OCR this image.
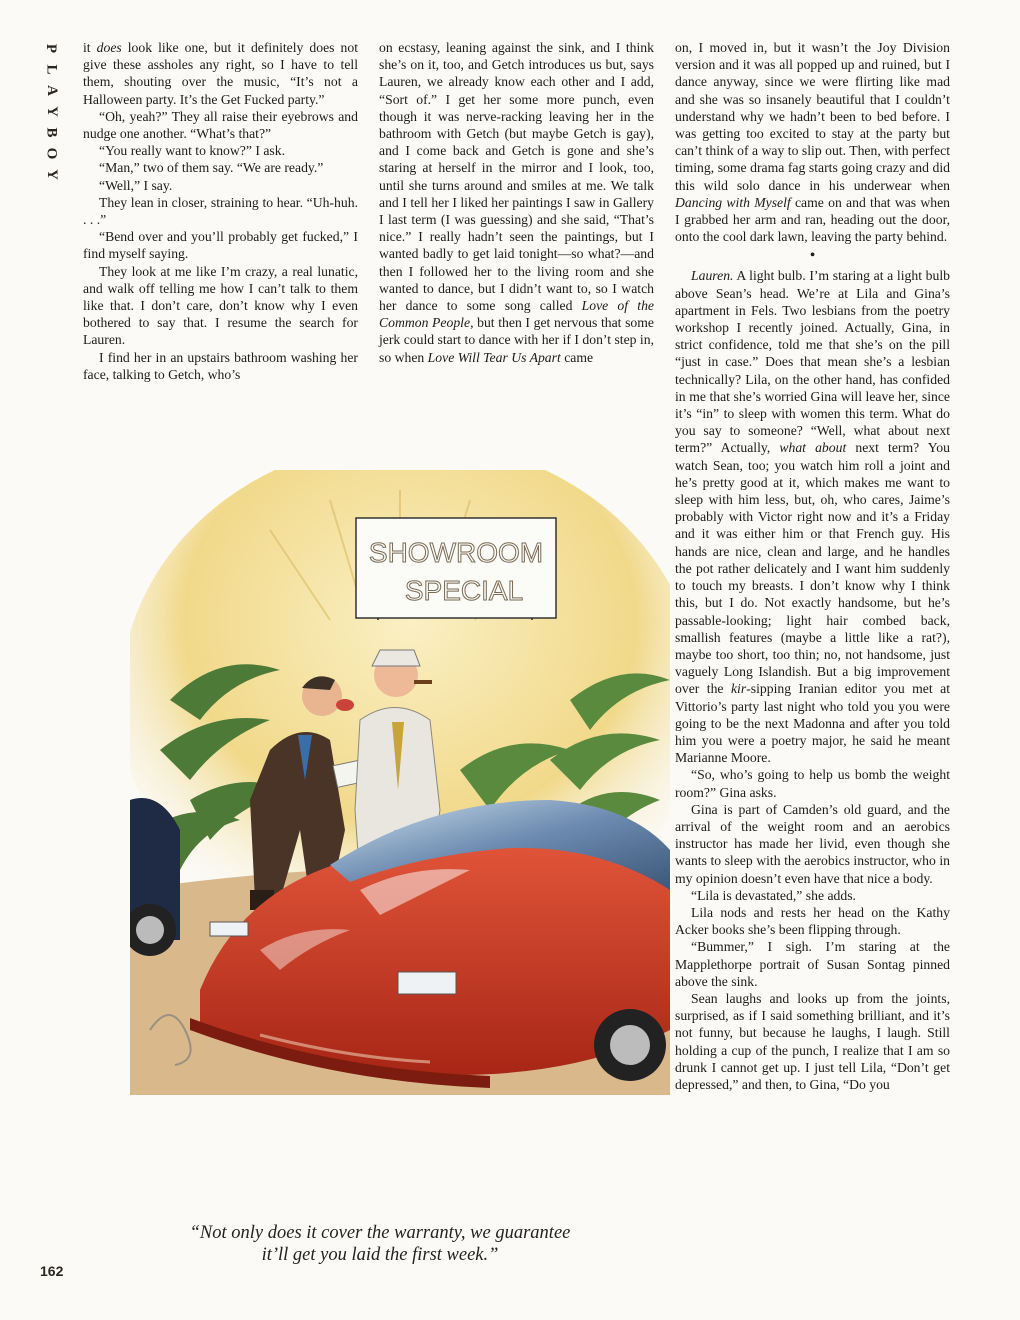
P
L
A
Y
B
O
Y

it does look like one, but it definitely does not give these assholes any right, so I have to tell them, shouting over the music, “It’s not a Halloween party. It’s the Get Fucked party.”

“Oh, yeah?” They all raise their eyebrows and nudge one another. “What’s that?”

“You really want to know?” I ask.

“Man,” two of them say. “We are ready.”

“Well,” I say.

They lean in closer, straining to hear. “Uh-huh. . . .”

“Bend over and you’ll probably get fucked,” I find myself saying.

They look at me like I’m crazy, a real lunatic, and walk off telling me how I can’t talk to them like that. I don’t care, don’t know why I even bothered to say that. I resume the search for Lauren.

I find her in an upstairs bathroom washing her face, talking to Getch, who’s

on ecstasy, leaning against the sink, and I think she’s on it, too, and Getch introduces us but, says Lauren, we already know each other and I add, “Sort of.” I get her some more punch, even though it was nerve-racking leaving her in the bathroom with Getch (but maybe Getch is gay), and I come back and Getch is gone and she’s staring at herself in the mirror and I look, too, until she turns around and smiles at me. We talk and I tell her I liked her paintings I saw in Gallery I last term (I was guessing) and she said, “That’s nice.” I really hadn’t seen the paintings, but I wanted badly to get laid tonight—so what?—and then I followed her to the living room and she wanted to dance, but I didn’t want to, so I watch her dance to some song called Love of the Common People, but then I get nervous that some jerk could start to dance with her if I don’t step in, so when Love Will Tear Us Apart came

on, I moved in, but it wasn’t the Joy Division version and it was all popped up and ruined, but I dance anyway, since we were flirting like mad and she was so insanely beautiful that I couldn’t understand why we hadn’t been to bed before. I was getting too excited to stay at the party but can’t think of a way to slip out. Then, with perfect timing, some drama fag starts going crazy and did this wild solo dance in his underwear when Dancing with Myself came on and that was when I grabbed her arm and ran, heading out the door, onto the cool dark lawn, leaving the party behind.

•

Lauren. A light bulb. I’m staring at a light bulb above Sean’s head. We’re at Lila and Gina’s apartment in Fels. Two lesbians from the poetry workshop I recently joined. Actually, Gina, in strict confidence, told me that she’s on the pill “just in case.” Does that mean she’s a lesbian technically? Lila, on the other hand, has confided in me that she’s worried Gina will leave her, since it’s “in” to sleep with women this term. What do you say to someone? “Well, what about next term?” Actually, what about next term? You watch Sean, too; you watch him roll a joint and he’s pretty good at it, which makes me want to sleep with him less, but, oh, who cares, Jaime’s probably with Victor right now and it’s a Friday and it was either him or that French guy. His hands are nice, clean and large, and he handles the pot rather delicately and I want him suddenly to touch my breasts. I don’t know why I think this, but I do. Not exactly handsome, but he’s passable-looking; light hair combed back, smallish features (maybe a little like a rat?), maybe too short, too thin; no, not handsome, just vaguely Long Islandish. But a big improvement over the kir-sipping Iranian editor you met at Vittorio’s party last night who told you you were going to be the next Madonna and after you told him you were a poetry major, he said he meant Marianne Moore.

“So, who’s going to help us bomb the weight room?” Gina asks.

Gina is part of Camden’s old guard, and the arrival of the weight room and an aerobics instructor has made her livid, even though she wants to sleep with the aerobics instructor, who in my opinion doesn’t even have that nice a body.

“Lila is devastated,” she adds.

Lila nods and rests her head on the Kathy Acker books she’s been flipping through.

“Bummer,” I sigh. I’m staring at the Mapplethorpe portrait of Susan Sontag pinned above the sink.

Sean laughs and looks up from the joints, surprised, as if I said something brilliant, and it’s not funny, but because he laughs, I laugh. Still holding a cup of the punch, I realize that I am so drunk I cannot get up. I just tell Lila, “Don’t get depressed,” and then, to Gina, “Do you

SHOWROOM
SPECIAL
“Not only does it cover the warranty, we guarantee
it’ll get you laid the first week.”
162
